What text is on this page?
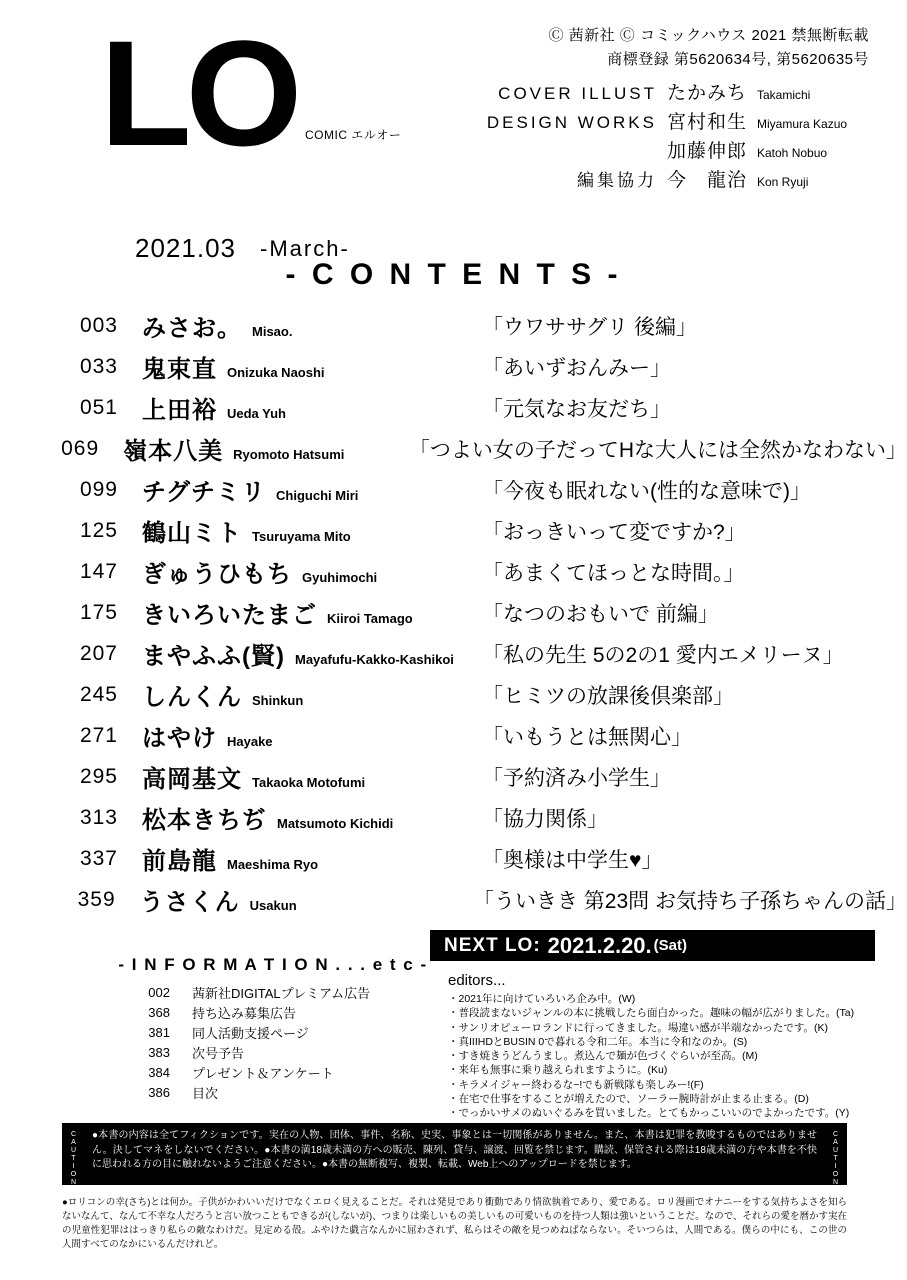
LO COMIC エルオー
2021.03 -March-
Ⓒ 茜新社 Ⓒ コミックハウス 2021 禁無断転載
商標登録 第5620634号, 第5620635号
COVER ILLUST たかみち Takamichi
DESIGN WORKS 宮村和生 Miyamura Kazuo
加藤伸郎 Katoh Nobuo
編集協力 今　龍治 Kon Ryuji
- C O N T E N T S -
003 みさお。 Misao.	「ウワササグリ 後編」
033 鬼束直 Onizuka Naoshi	「あいずおんみー」
051 上田裕 Ueda Yuh	「元気なお友だち」
069 嶺本八美 Ryomoto Hatsumi	「つよい女の子だってHな大人には全然かなわない」
099 チグチミリ Chiguchi Miri	「今夜も眠れない(性的な意味で)」
125 鶴山ミト Tsuruyama Mito	「おっきいって変ですか?」
147 ぎゅうひもち Gyuhimochi	「あまくてほっとな時間。」
175 きいろいたまご Kiiroi Tamago	「なつのおもいで 前編」
207 まやふふ(賢) Mayafufu-Kakko-Kashikoi 「私の先生 5の2の1 愛内エメリーヌ」
245 しんくん Shinkun	「ヒミツの放課後倶楽部」
271 はやけ Hayake	「いもうとは無関心」
295 高岡基文 Takaoka Motofumi	「予約済み小学生」
313 松本きちぢ Matsumoto Kichidi	「協力関係」
337 前島龍 Maeshima Ryo	「奥様は中学生♥」
359 うさくん Usakun	「ういきき 第23問 お気持ち子孫ちゃんの話」
- I N F O R M A T I O N . . . e t c -
002	茜新社DIGITALプレミアム広告
368	持ち込み募集広告
381	同人活動支援ページ
383	次号予告
384	プレゼント＆アンケート
386	目次
NEXT LO: 2021.2.20. (Sat)
editors...
・2021年に向けていろいろ企み中。(W)
・普段読まないジャンルの本に挑戦したら面白かった。趣味の幅が広がりました。(Ta)
・サンリオピューロランドに行ってきました。場違い感が半端なかったです。(K)
・真IIIHDとBUSIN 0で暮れる令和二年。本当に令和なのか。(S)
・すき焼きうどんうまし。煮込んで麺が色づくぐらいが至高。(M)
・来年も無事に乗り越えられますように。(Ku)
・キラメイジャー終わるな~!でも新戦隊も楽しみー!(F)
・在宅で仕事をすることが増えたので、ソーラー腕時計が止まる止まる。(D)
・でっかいサメのぬいぐるみを買いました。とてもかっこいいのでよかったです。(Y)
CAUTION	CAUTION

●本書の内容は全てフィクションです。実在の人物、団体、事件、名称、史実、事象とは一切関係がありません。また、本書は犯罪を教唆するものではありません。決してマネをしないでください。●本書の満18歳未満の方への販売、陳列、貸与、譲渡、回覧を禁じます。購読、保管される際は18歳未満の方や本書を不快に思われる方の目に触れないようご注意ください。●本書の無断複写、複製、転載、Web上へのアップロードを禁じます。

●ロリコンの幸(さち)とは何か。子供がかわいいだけでなくエロく見えることだ。それは発見であり衝動であり情欲執着であり、愛である。ロリ漫画でオナニーをする気持ちよさを知らないなんて、なんて不幸な人だろうと言い放つこともできるが(しないが)、つまりは楽しいもの美しいもの可愛いものを持つ人類は強いということだ。なので、それらの愛を暦かす実在の児童性犯罪ははっきり私らの敵なわけだ。見定める殻。ふやけた戯言なんかに屈わされず、私らはその敵を見つめねばならない。そいつらは、人間である。僕らの中にも、この世の人間すべてのなかにいるんだけれど。
